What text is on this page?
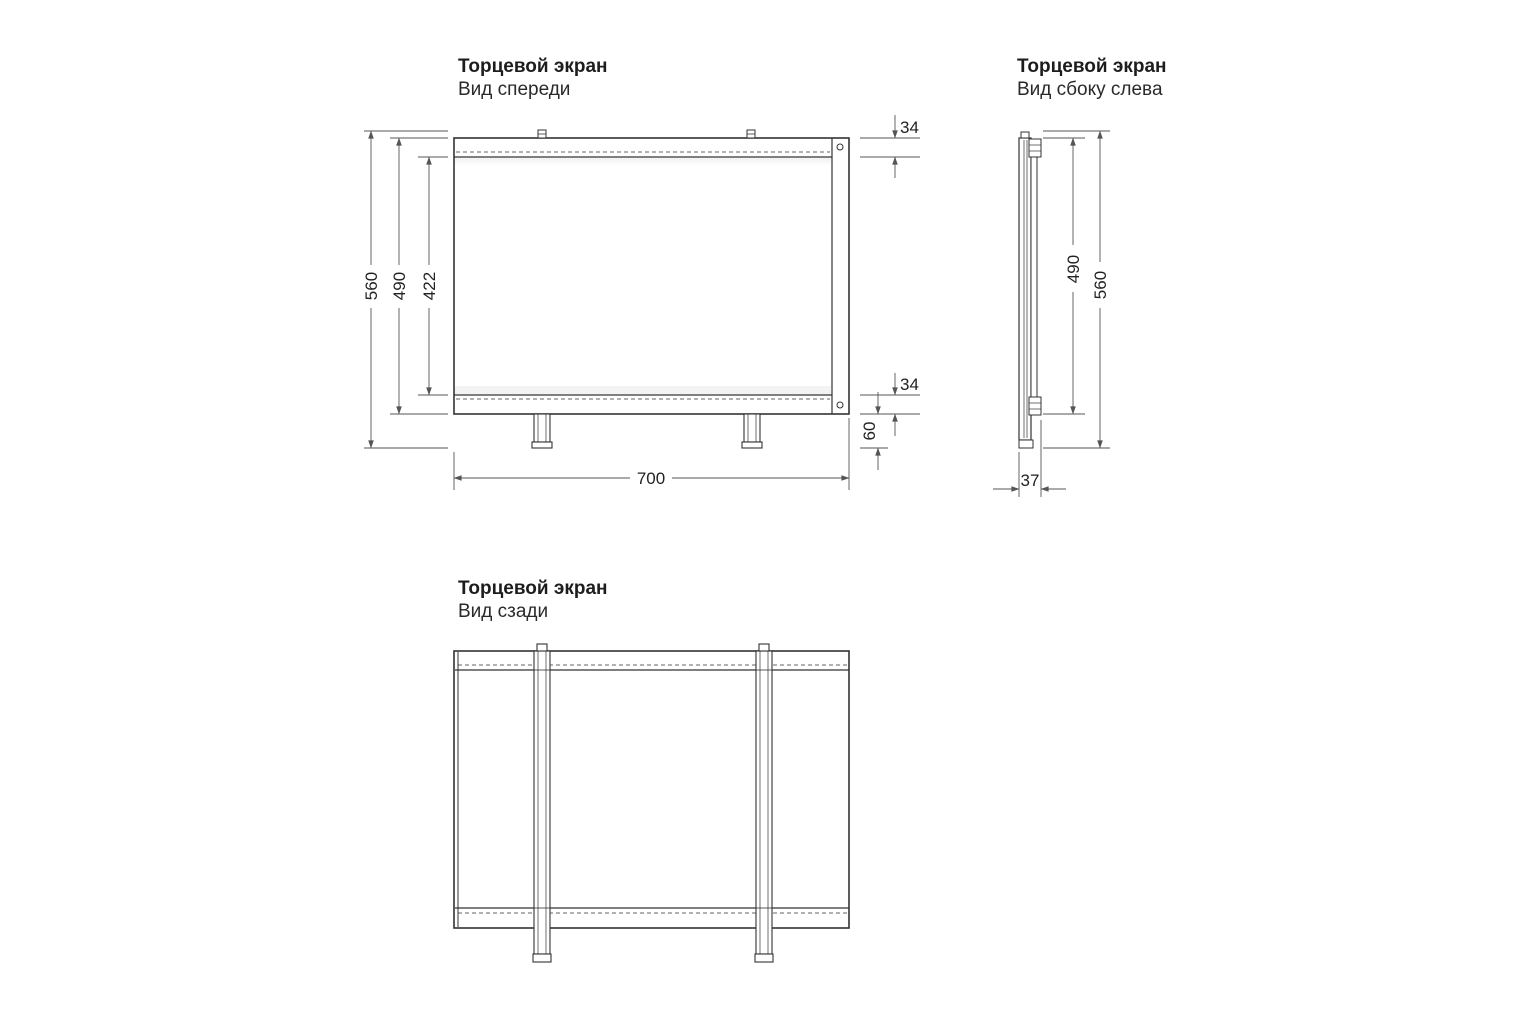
Торцевой экран
Вид спереди
Торцевой экран
Вид сбоку слева
Торцевой экран
Вид сзади
560 490 422
700
34
34
60
490
560
37
